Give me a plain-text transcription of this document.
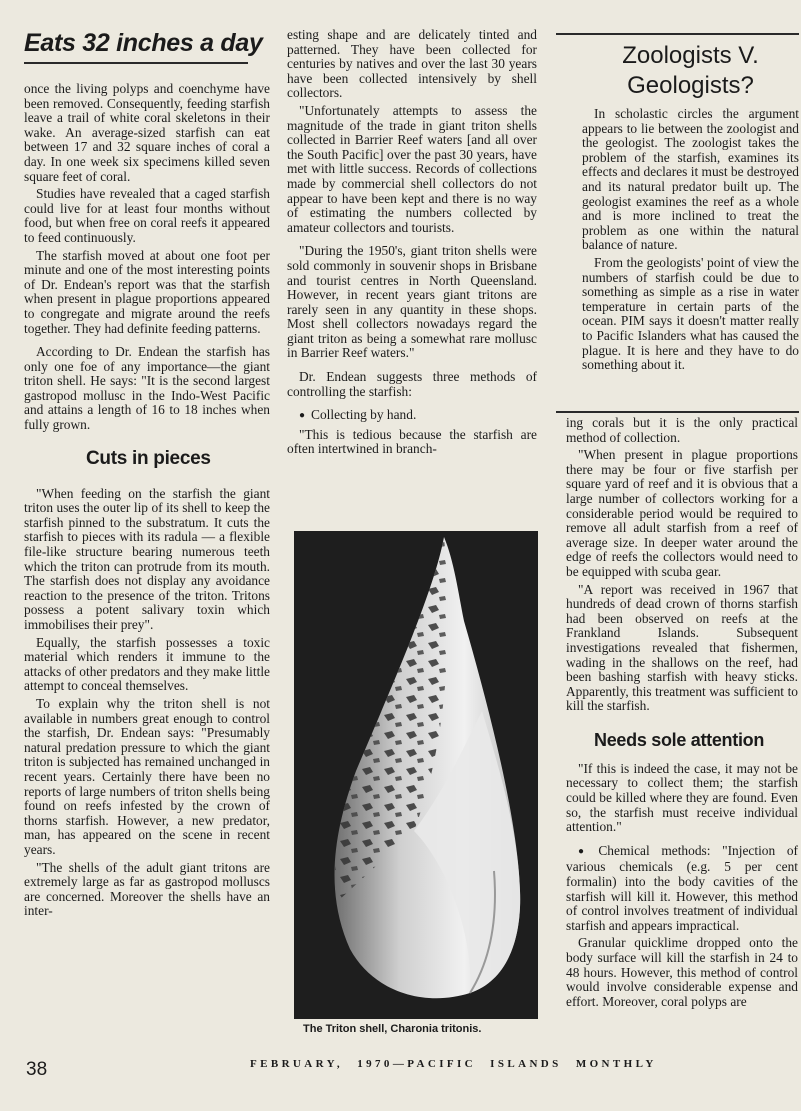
Eats 32 inches a day

once the living polyps and coenchyme have been removed. Consequently, feeding starfish leave a trail of white coral skeletons in their wake. An average-sized starfish can eat between 17 and 32 square inches of coral a day. In one week six specimens killed seven square feet of coral.

Studies have revealed that a caged starfish could live for at least four months without food, but when free on coral reefs it appeared to feed continuously.

The starfish moved at about one foot per minute and one of the most interesting points of Dr. Endean's report was that the starfish when present in plague proportions appeared to congregate and migrate around the reefs together. They had definite feeding patterns.

According to Dr. Endean the starfish has only one foe of any importance—the giant triton shell. He says: "It is the second largest gastropod mollusc in the Indo-West Pacific and attains a length of 16 to 18 inches when fully grown.

Cuts in pieces

"When feeding on the starfish the giant triton uses the outer lip of its shell to keep the starfish pinned to the substratum. It cuts the starfish to pieces with its radula — a flexible file-like structure bearing numerous teeth which the triton can protrude from its mouth. The starfish does not display any avoidance reaction to the presence of the triton. Tritons possess a potent salivary toxin which immobilises their prey".

Equally, the starfish possesses a toxic material which renders it immune to the attacks of other predators and they make little attempt to conceal themselves.

To explain why the triton shell is not available in numbers great enough to control the starfish, Dr. Endean says: "Presumably natural predation pressure to which the giant triton is subjected has remained unchanged in recent years. Certainly there have been no reports of large numbers of triton shells being found on reefs infested by the crown of thorns starfish. However, a new predator, man, has appeared on the scene in recent years.

"The shells of the adult giant tritons are extremely large as far as gastropod molluscs are concerned. Moreover the shells have an inter-

esting shape and are delicately tinted and patterned. They have been collected for centuries by natives and over the last 30 years have been collected intensively by shell collectors.

"Unfortunately attempts to assess the magnitude of the trade in giant triton shells collected in Barrier Reef waters [and all over the South Pacific] over the past 30 years, have met with little success. Records of collections made by commercial shell collectors do not appear to have been kept and there is no way of estimating the numbers collected by amateur collectors and tourists.

"During the 1950's, giant triton shells were sold commonly in souvenir shops in Brisbane and tourist centres in North Queensland. However, in recent years giant tritons are rarely seen in any quantity in these shops. Most shell collectors nowadays regard the giant triton as being a somewhat rare mollusc in Barrier Reef waters."

Dr. Endean suggests three methods of controlling the starfish:

● Collecting by hand.

"This is tedious because the starfish are often intertwined in branch-

The Triton shell, Charonia tritonis.
Zoologists V.
Geologists?

In scholastic circles the argument appears to lie between the zoologist and the geologist. The zoologist takes the problem of the starfish, examines its effects and declares it must be destroyed and its natural predator built up. The geologist examines the reef as a whole and is more inclined to treat the problem as one within the natural balance of nature.

From the geologists' point of view the numbers of starfish could be due to something as simple as a rise in water temperature in certain parts of the ocean. PIM says it doesn't matter really to Pacific Islanders what has caused the plague. It is here and they have to do something about it.

ing corals but it is the only practical method of collection.

"When present in plague proportions there may be four or five starfish per square yard of reef and it is obvious that a large number of collectors working for a considerable period would be required to remove all adult starfish from a reef of average size. In deeper water around the edge of reefs the collectors would need to be equipped with scuba gear.

"A report was received in 1967 that hundreds of dead crown of thorns starfish had been observed on reefs at the Frankland Islands. Subsequent investigations revealed that fishermen, wading in the shallows on the reef, had been bashing starfish with heavy sticks. Apparently, this treatment was sufficient to kill the starfish.

Needs sole attention

"If this is indeed the case, it may not be necessary to collect them; the starfish could be killed where they are found. Even so, the starfish must receive individual attention."

● Chemical methods: "Injection of various chemicals (e.g. 5 per cent formalin) into the body cavities of the starfish will kill it. However, this method of control involves treatment of individual starfish and appears impractical.

Granular quicklime dropped onto the body surface will kill the starfish in 24 to 48 hours. However, this method of control would involve considerable expense and effort. Moreover, coral polyps are

38	FEBRUARY, 1970—PACIFIC ISLANDS MONTHLY
